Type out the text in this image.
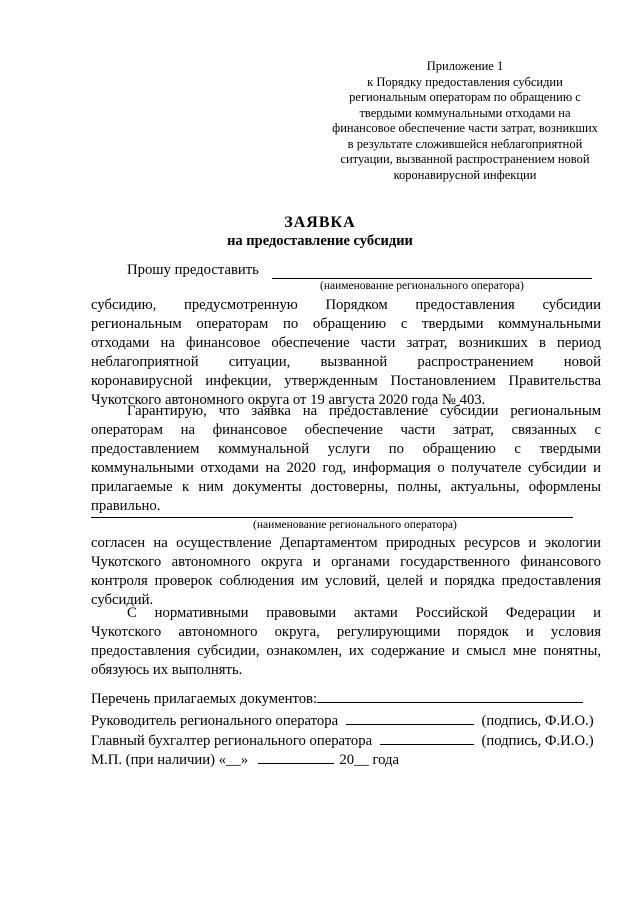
Приложение 1
к Порядку предоставления субсидии
региональным операторам по обращению с
твердыми коммунальными отходами на
финансовое обеспечение части затрат, возникших
в результате сложившейся неблагоприятной
ситуации, вызванной распространением новой
коронавирусной инфекции
ЗАЯВКА
на предоставление субсидии
Прошу предоставить
(наименование регионального оператора)
субсидию, предусмотренную Порядком предоставления субсидии
региональным операторам по обращению с твердыми коммунальными
отходами на финансовое обеспечение части затрат, возникших в период
неблагоприятной ситуации, вызванной распространением новой
коронавирусной инфекции, утвержденным Постановлением Правительства
Чукотского автономного округа от 19 августа 2020 года № 403.
Гарантирую, что заявка на предоставление субсидии региональным
операторам на финансовое обеспечение части затрат, связанных с
предоставлением коммунальной услуги по обращению с твердыми
коммунальными отходами на 2020 год, информация о получателе субсидии и
прилагаемые к ним документы достоверны, полны, актуальны, оформлены
правильно.
(наименование регионального оператора)
согласен на осуществление Департаментом природных ресурсов и экологии
Чукотского автономного округа и органами государственного финансового
контроля проверок соблюдения им условий, целей и порядка предоставления
субсидий.
С нормативными правовыми актами Российской Федерации и
Чукотского автономного округа, регулирующими порядок и условия
предоставления субсидии, ознакомлен, их содержание и смысл мне понятны,
обязуюсь их выполнять.
Перечень прилагаемых документов:
Руководитель регионального оператора	(подпись, Ф.И.О.)
Главный бухгалтер регионального оператора	(подпись, Ф.И.О.)
М.П. (при наличии) «__»	20__ года
